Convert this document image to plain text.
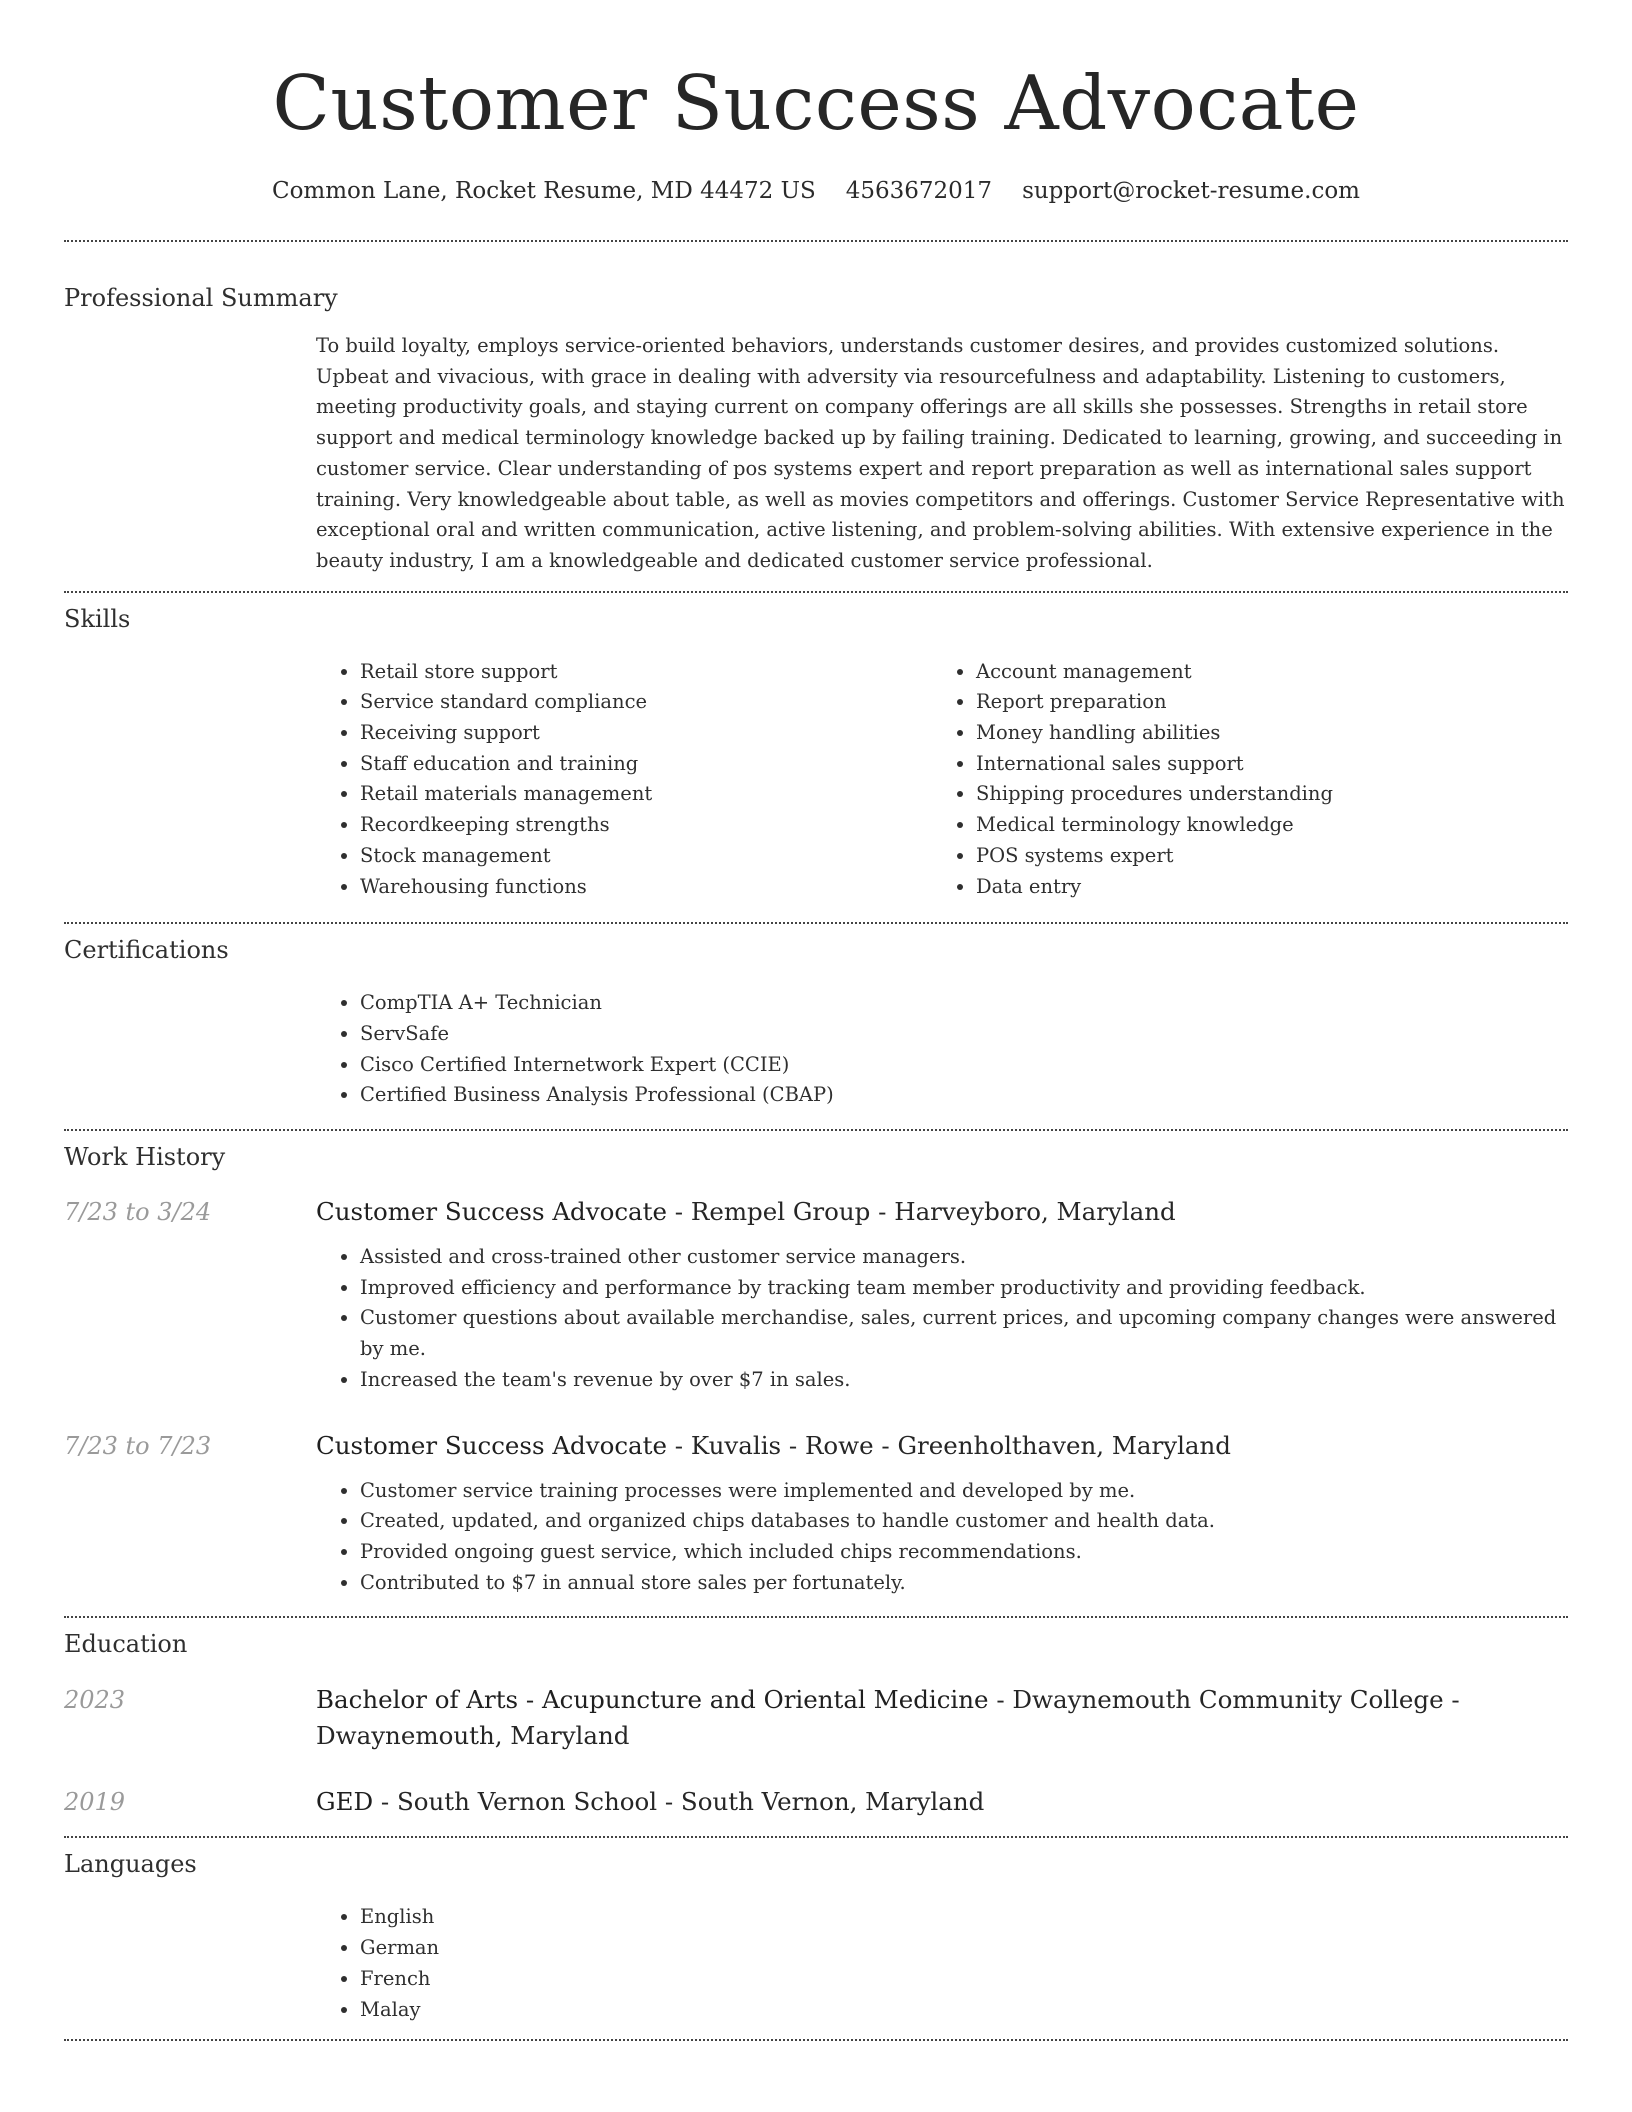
Customer Success Advocate
Common Lane, Rocket Resume, MD 44472 US 4563672017 support@rocket-resume.com
Professional Summary

To build loyalty, employs service-oriented behaviors, understands customer desires, and provides customized solutions. Upbeat and vivacious, with grace in dealing with adversity via resourcefulness and adaptability. Listening to customers, meeting productivity goals, and staying current on company offerings are all skills she possesses. Strengths in retail store support and medical terminology knowledge backed up by failing training. Dedicated to learning, growing, and succeeding in customer service. Clear understanding of pos systems expert and report preparation as well as international sales support training. Very knowledgeable about table, as well as movies competitors and offerings. Customer Service Representative with exceptional oral and written communication, active listening, and problem-solving abilities. With extensive experience in the beauty industry, I am a knowledgeable and dedicated customer service professional.

Skills
• Retail store support
• Service standard compliance
• Receiving support
• Staff education and training
• Retail materials management
• Recordkeeping strengths
• Stock management
• Warehousing functions
• Account management
• Report preparation
• Money handling abilities
• International sales support
• Shipping procedures understanding
• Medical terminology knowledge
• POS systems expert
• Data entry
Certifications
• CompTIA A+ Technician
• ServSafe
• Cisco Certified Internetwork Expert (CCIE)
• Certified Business Analysis Professional (CBAP)
Work History
7/23 to 3/24	Customer Success Advocate - Rempel Group - Harveyboro, Maryland
• Assisted and cross-trained other customer service managers.
• Improved efficiency and performance by tracking team member productivity and providing feedback.
• Customer questions about available merchandise, sales, current prices, and upcoming company changes were answered by me.
• Increased the team's revenue by over $7 in sales.
7/23 to 7/23	Customer Success Advocate - Kuvalis - Rowe - Greenholthaven, Maryland
• Customer service training processes were implemented and developed by me.
• Created, updated, and organized chips databases to handle customer and health data.
• Provided ongoing guest service, which included chips recommendations.
• Contributed to $7 in annual store sales per fortunately.
Education
2023	Bachelor of Arts - Acupuncture and Oriental Medicine - Dwaynemouth Community College - Dwaynemouth, Maryland
2019	GED - South Vernon School - South Vernon, Maryland
Languages
• English
• German
• French
• Malay
